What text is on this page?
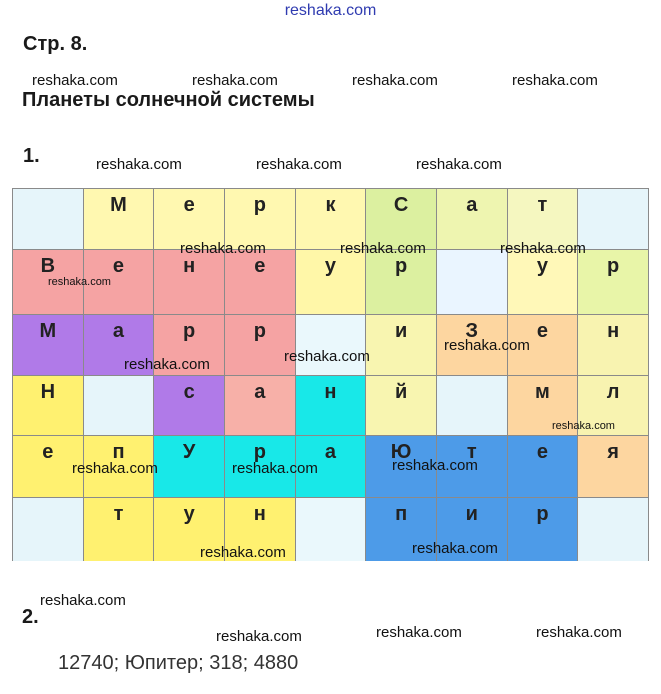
reshaka.com
Стр. 8.
Планеты солнечной системы
1.
	М	е	р	к	С	а	т	
В	е	н	е	у	р		у	р
М	а	р	р		и	З	е	н
Н		с	а	н	й		м	л
е	п	У	р	а	Ю	т	е	я
	т	у	н		п	и	р	
2.
12740; Юпитер; 318; 4880
reshaka.com	reshaka.com	reshaka.com	reshaka.com
reshaka.com	reshaka.com	reshaka.com
reshaka.com	reshaka.com	reshaka.com
reshaka.com
reshaka.com
reshaka.com
reshaka.com
reshaka.com
reshaka.com
reshaka.com	reshaka.com
reshaka.com
reshaka.com
reshaka.com
reshaka.com	reshaka.com
reshaka.com
